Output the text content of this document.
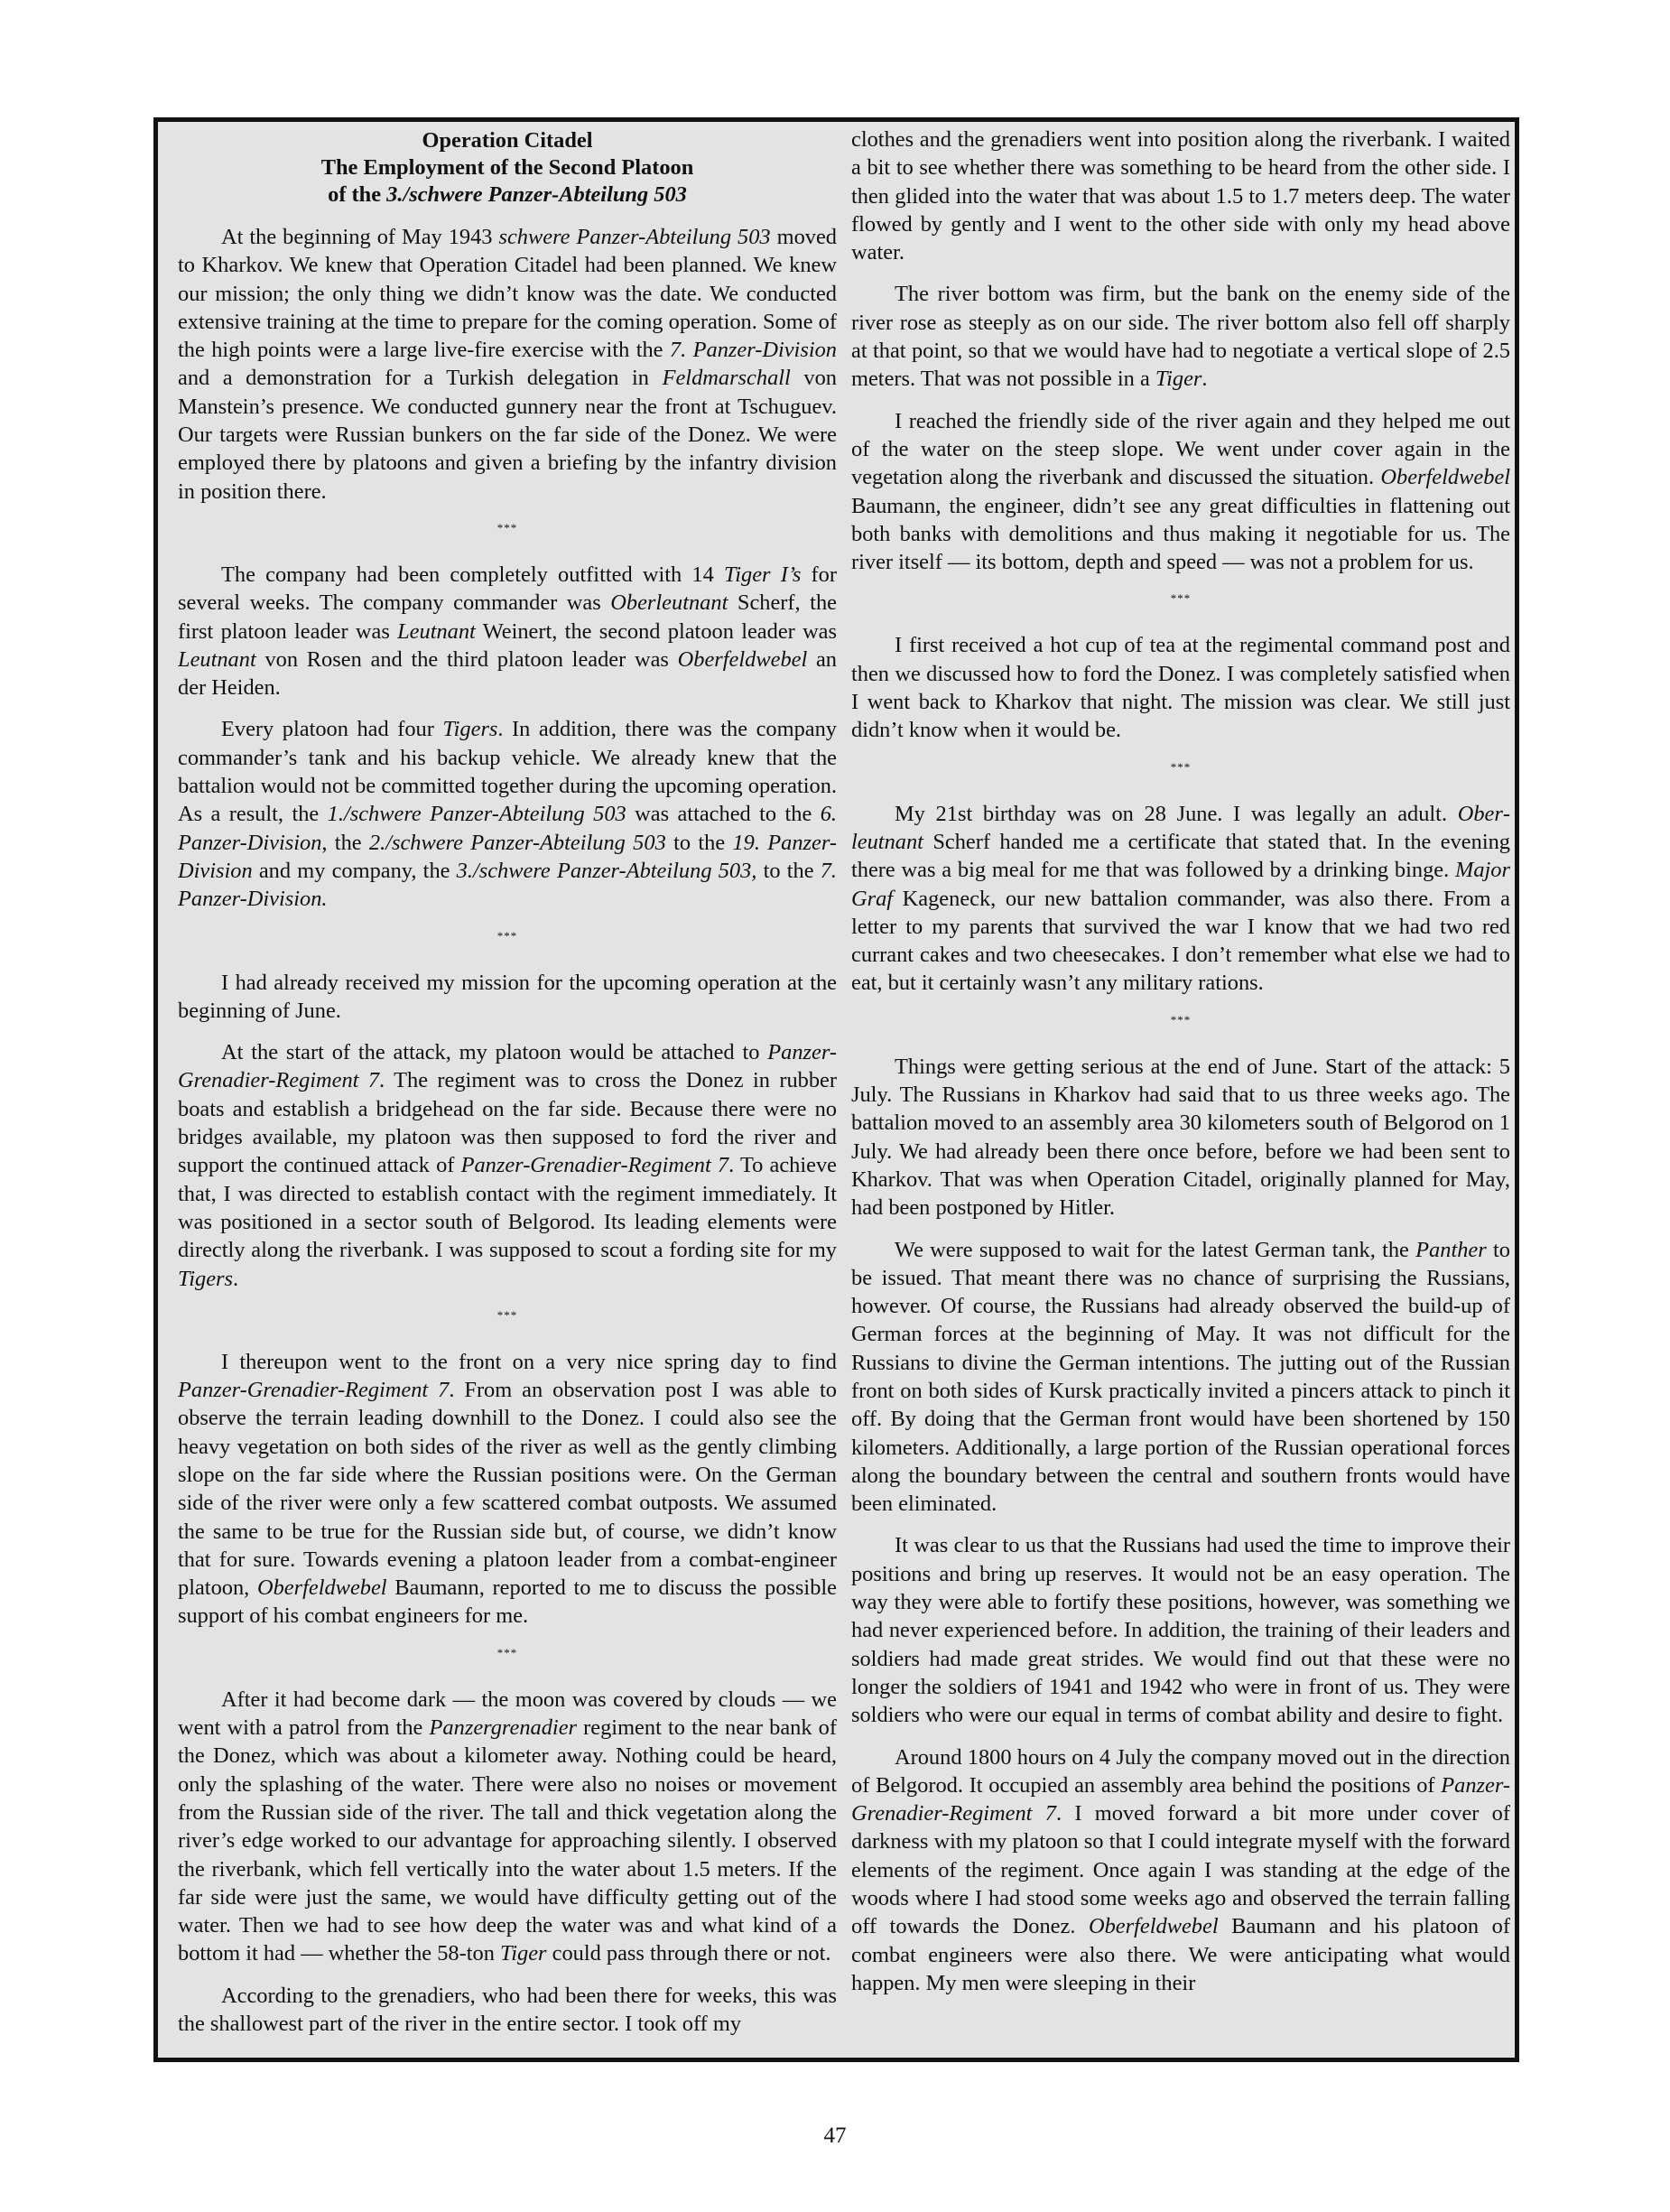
Operation Citadel
The Employment of the Second Platoon
of the 3./schwere Panzer-Abteilung 503

At the beginning of May 1943 schwere Panzer-Abteilung 503 moved to Kharkov. We knew that Operation Citadel had been planned. We knew our mission; the only thing we didn’t know was the date. We conducted extensive training at the time to prepare for the coming operation. Some of the high points were a large live-fire exercise with the 7. Panzer-Division and a demonstration for a Turkish delegation in Feldmarschall von Manstein’s presence. We conducted gunnery near the front at Tschuguev. Our targets were Russian bunkers on the far side of the Donez. We were employed there by platoons and given a briefing by the infantry division in position there.

***

The company had been completely outfitted with 14 Tiger I’s for several weeks. The company commander was Oberleutnant Scherf, the first platoon leader was Leutnant Weinert, the second platoon leader was Leutnant von Rosen and the third platoon leader was Oberfeldwebel an der Heiden.

Every platoon had four Tigers. In addition, there was the company commander’s tank and his backup vehicle. We already knew that the battalion would not be committed together during the upcoming operation. As a result, the 1./schwere Panzer-Abteilung 503 was attached to the 6. Panzer-Division, the 2./schwere Panzer-Abteilung 503 to the 19. Panzer-Division and my company, the 3./schwere Panzer-Abteilung 503, to the 7. Panzer-Division.

***

I had already received my mission for the upcoming operation at the beginning of June.

At the start of the attack, my platoon would be attached to Panzer-Grenadier-Regiment 7. The regiment was to cross the Donez in rubber boats and establish a bridgehead on the far side. Because there were no bridges available, my platoon was then supposed to ford the river and support the continued attack of Panzer-Grenadier-Regiment 7. To achieve that, I was directed to establish contact with the regiment immediately. It was positioned in a sector south of Belgorod. Its leading elements were directly along the riverbank. I was supposed to scout a fording site for my Tigers.

***

I thereupon went to the front on a very nice spring day to find Panzer-Grenadier-Regiment 7. From an observation post I was able to observe the terrain leading downhill to the Donez. I could also see the heavy vegetation on both sides of the river as well as the gently climbing slope on the far side where the Russian positions were. On the German side of the river were only a few scattered combat outposts. We assumed the same to be true for the Russian side but, of course, we didn’t know that for sure. Towards evening a platoon leader from a combat-engineer platoon, Oberfeldwebel Baumann, reported to me to discuss the possible support of his combat engineers for me.

***

After it had become dark — the moon was covered by clouds — we went with a patrol from the Panzergrenadier regiment to the near bank of the Donez, which was about a kilometer away. Nothing could be heard, only the splashing of the water. There were also no noises or movement from the Russian side of the river. The tall and thick vegetation along the river’s edge worked to our advantage for approaching silently. I observed the riverbank, which fell vertically into the water about 1.5 meters. If the far side were just the same, we would have difficulty getting out of the water. Then we had to see how deep the water was and what kind of a bottom it had — whether the 58-ton Tiger could pass through there or not.

According to the grenadiers, who had been there for weeks, this was the shallowest part of the river in the entire sector. I took off my

clothes and the grenadiers went into position along the riverbank. I waited a bit to see whether there was something to be heard from the other side. I then glided into the water that was about 1.5 to 1.7 meters deep. The water flowed by gently and I went to the other side with only my head above water.

The river bottom was firm, but the bank on the enemy side of the river rose as steeply as on our side. The river bottom also fell off sharply at that point, so that we would have had to negotiate a vertical slope of 2.5 meters. That was not possible in a Tiger.

I reached the friendly side of the river again and they helped me out of the water on the steep slope. We went under cover again in the vegetation along the riverbank and discussed the situation. Oberfeldwebel Baumann, the engineer, didn’t see any great difficulties in flattening out both banks with demolitions and thus making it negotiable for us. The river itself — its bottom, depth and speed — was not a problem for us.

***

I first received a hot cup of tea at the regimental command post and then we discussed how to ford the Donez. I was completely satisfied when I went back to Kharkov that night. The mission was clear. We still just didn’t know when it would be.

***

My 21st birthday was on 28 June. I was legally an adult. Oberleutnant Scherf handed me a certificate that stated that. In the evening there was a big meal for me that was followed by a drinking binge. Major Graf Kageneck, our new battalion commander, was also there. From a letter to my parents that survived the war I know that we had two red currant cakes and two cheesecakes. I don’t remember what else we had to eat, but it certainly wasn’t any military rations.

***

Things were getting serious at the end of June. Start of the attack: 5 July. The Russians in Kharkov had said that to us three weeks ago. The battalion moved to an assembly area 30 kilometers south of Belgorod on 1 July. We had already been there once before, before we had been sent to Kharkov. That was when Operation Citadel, originally planned for May, had been postponed by Hitler.

We were supposed to wait for the latest German tank, the Panther to be issued. That meant there was no chance of surprising the Russians, however. Of course, the Russians had already observed the build-up of German forces at the beginning of May. It was not difficult for the Russians to divine the German intentions. The jutting out of the Russian front on both sides of Kursk practically invited a pincers attack to pinch it off. By doing that the German front would have been shortened by 150 kilometers. Additionally, a large portion of the Russian operational forces along the boundary between the central and southern fronts would have been eliminated.

It was clear to us that the Russians had used the time to improve their positions and bring up reserves. It would not be an easy operation. The way they were able to fortify these positions, however, was something we had never experienced before. In addition, the training of their leaders and soldiers had made great strides. We would find out that these were no longer the soldiers of 1941 and 1942 who were in front of us. They were soldiers who were our equal in terms of combat ability and desire to fight.

Around 1800 hours on 4 July the company moved out in the direction of Belgorod. It occupied an assembly area behind the positions of Panzer-Grenadier-Regiment 7. I moved forward a bit more under cover of darkness with my platoon so that I could integrate myself with the forward elements of the regiment. Once again I was standing at the edge of the woods where I had stood some weeks ago and observed the terrain falling off towards the Donez. Oberfeldwebel Baumann and his platoon of combat engineers were also there. We were anticipating what would happen. My men were sleeping in their

47
